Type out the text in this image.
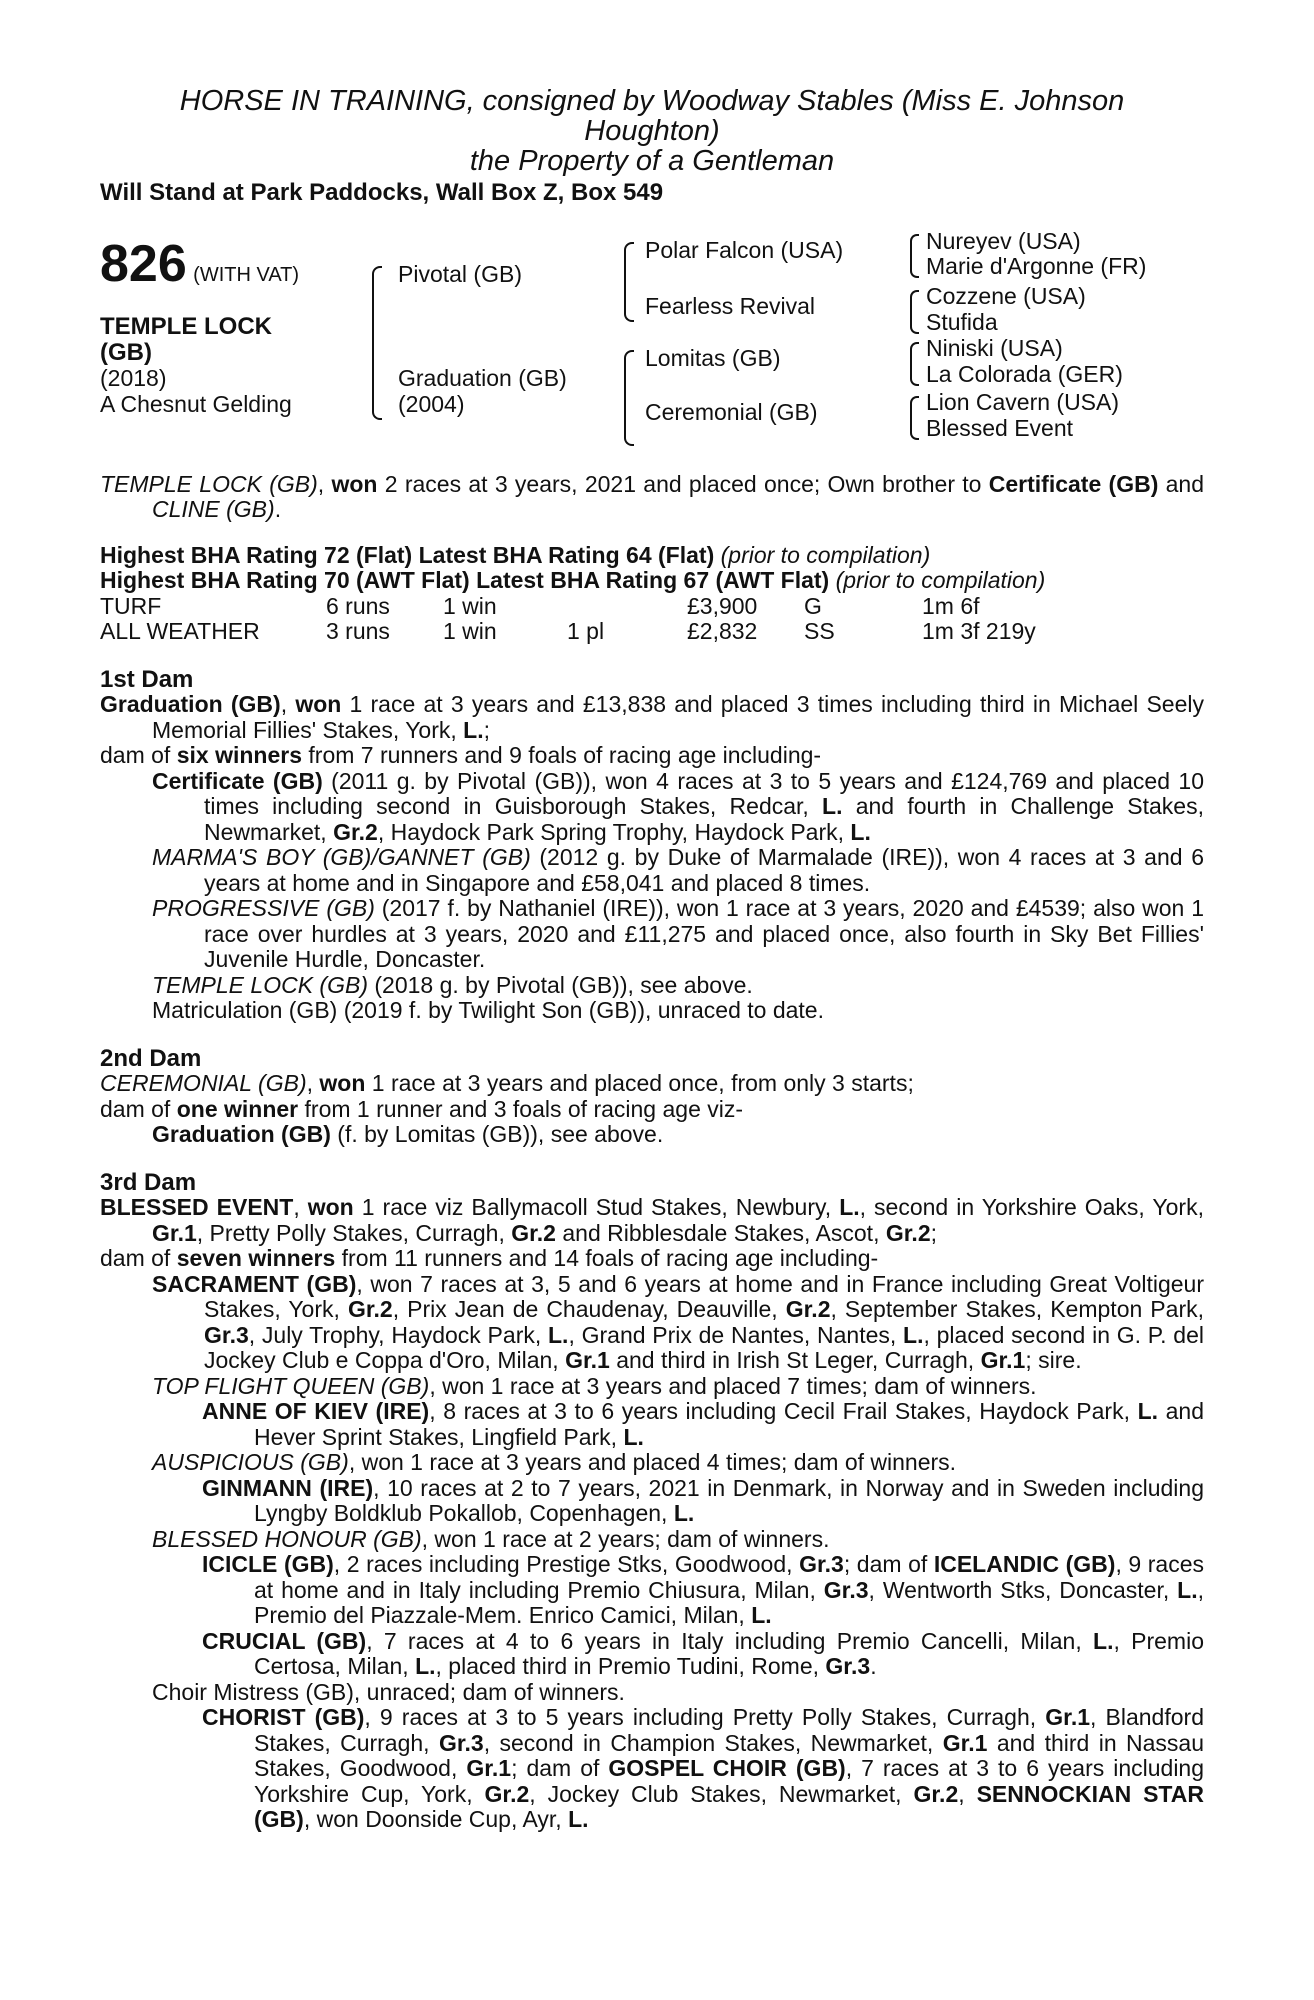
HORSE IN TRAINING, consigned by Woodway Stables (Miss E. Johnson
Houghton)
the Property of a Gentleman
Will Stand at Park Paddocks, Wall Box Z, Box 549
826 (WITH VAT)
TEMPLE LOCK
(GB)
(2018)
A Chesnut Gelding
Pivotal (GB)
Graduation (GB)
(2004)
Polar Falcon (USA)
Fearless Revival
Lomitas (GB)
Ceremonial (GB)
Nureyev (USA)
Marie d'Argonne (FR)
Cozzene (USA)
Stufida
Niniski (USA)
La Colorada (GER)
Lion Cavern (USA)
Blessed Event
TEMPLE LOCK (GB), won 2 races at 3 years, 2021 and placed once; Own brother to Certificate (GB) and CLINE (GB).
Highest BHA Rating 72 (Flat) Latest BHA Rating 64 (Flat) (prior to compilation)
Highest BHA Rating 70 (AWT Flat) Latest BHA Rating 67 (AWT Flat) (prior to compilation)
TURF	6 runs	1 win		£3,900	G	1m 6f
ALL WEATHER	3 runs	1 win	1 pl	£2,832	SS	1m 3f 219y
1st Dam
Graduation (GB), won 1 race at 3 years and £13,838 and placed 3 times including third in Michael Seely Memorial Fillies' Stakes, York, L.;
dam of six winners from 7 runners and 9 foals of racing age including-
Certificate (GB) (2011 g. by Pivotal (GB)), won 4 races at 3 to 5 years and £124,769 and placed 10 times including second in Guisborough Stakes, Redcar, L. and fourth in Challenge Stakes, Newmarket, Gr.2, Haydock Park Spring Trophy, Haydock Park, L.
MARMA'S BOY (GB)/GANNET (GB) (2012 g. by Duke of Marmalade (IRE)), won 4 races at 3 and 6 years at home and in Singapore and £58,041 and placed 8 times.
PROGRESSIVE (GB) (2017 f. by Nathaniel (IRE)), won 1 race at 3 years, 2020 and £4539; also won 1 race over hurdles at 3 years, 2020 and £11,275 and placed once, also fourth in Sky Bet Fillies' Juvenile Hurdle, Doncaster.
TEMPLE LOCK (GB) (2018 g. by Pivotal (GB)), see above.
Matriculation (GB) (2019 f. by Twilight Son (GB)), unraced to date.
2nd Dam
CEREMONIAL (GB), won 1 race at 3 years and placed once, from only 3 starts;
dam of one winner from 1 runner and 3 foals of racing age viz-
Graduation (GB) (f. by Lomitas (GB)), see above.
3rd Dam
BLESSED EVENT, won 1 race viz Ballymacoll Stud Stakes, Newbury, L., second in Yorkshire Oaks, York, Gr.1, Pretty Polly Stakes, Curragh, Gr.2 and Ribblesdale Stakes, Ascot, Gr.2;
dam of seven winners from 11 runners and 14 foals of racing age including-
SACRAMENT (GB), won 7 races at 3, 5 and 6 years at home and in France including Great Voltigeur Stakes, York, Gr.2, Prix Jean de Chaudenay, Deauville, Gr.2, September Stakes, Kempton Park, Gr.3, July Trophy, Haydock Park, L., Grand Prix de Nantes, Nantes, L., placed second in G. P. del Jockey Club e Coppa d'Oro, Milan, Gr.1 and third in Irish St Leger, Curragh, Gr.1; sire.
TOP FLIGHT QUEEN (GB), won 1 race at 3 years and placed 7 times; dam of winners.
ANNE OF KIEV (IRE), 8 races at 3 to 6 years including Cecil Frail Stakes, Haydock Park, L. and Hever Sprint Stakes, Lingfield Park, L.
AUSPICIOUS (GB), won 1 race at 3 years and placed 4 times; dam of winners.
GINMANN (IRE), 10 races at 2 to 7 years, 2021 in Denmark, in Norway and in Sweden including Lyngby Boldklub Pokallob, Copenhagen, L.
BLESSED HONOUR (GB), won 1 race at 2 years; dam of winners.
ICICLE (GB), 2 races including Prestige Stks, Goodwood, Gr.3; dam of ICELANDIC (GB), 9 races at home and in Italy including Premio Chiusura, Milan, Gr.3, Wentworth Stks, Doncaster, L., Premio del Piazzale-Mem. Enrico Camici, Milan, L.
CRUCIAL (GB), 7 races at 4 to 6 years in Italy including Premio Cancelli, Milan, L., Premio Certosa, Milan, L., placed third in Premio Tudini, Rome, Gr.3.
Choir Mistress (GB), unraced; dam of winners.
CHORIST (GB), 9 races at 3 to 5 years including Pretty Polly Stakes, Curragh, Gr.1, Blandford Stakes, Curragh, Gr.3, second in Champion Stakes, Newmarket, Gr.1 and third in Nassau Stakes, Goodwood, Gr.1; dam of GOSPEL CHOIR (GB), 7 races at 3 to 6 years including Yorkshire Cup, York, Gr.2, Jockey Club Stakes, Newmarket, Gr.2, SENNOCKIAN STAR (GB), won Doonside Cup, Ayr, L.
